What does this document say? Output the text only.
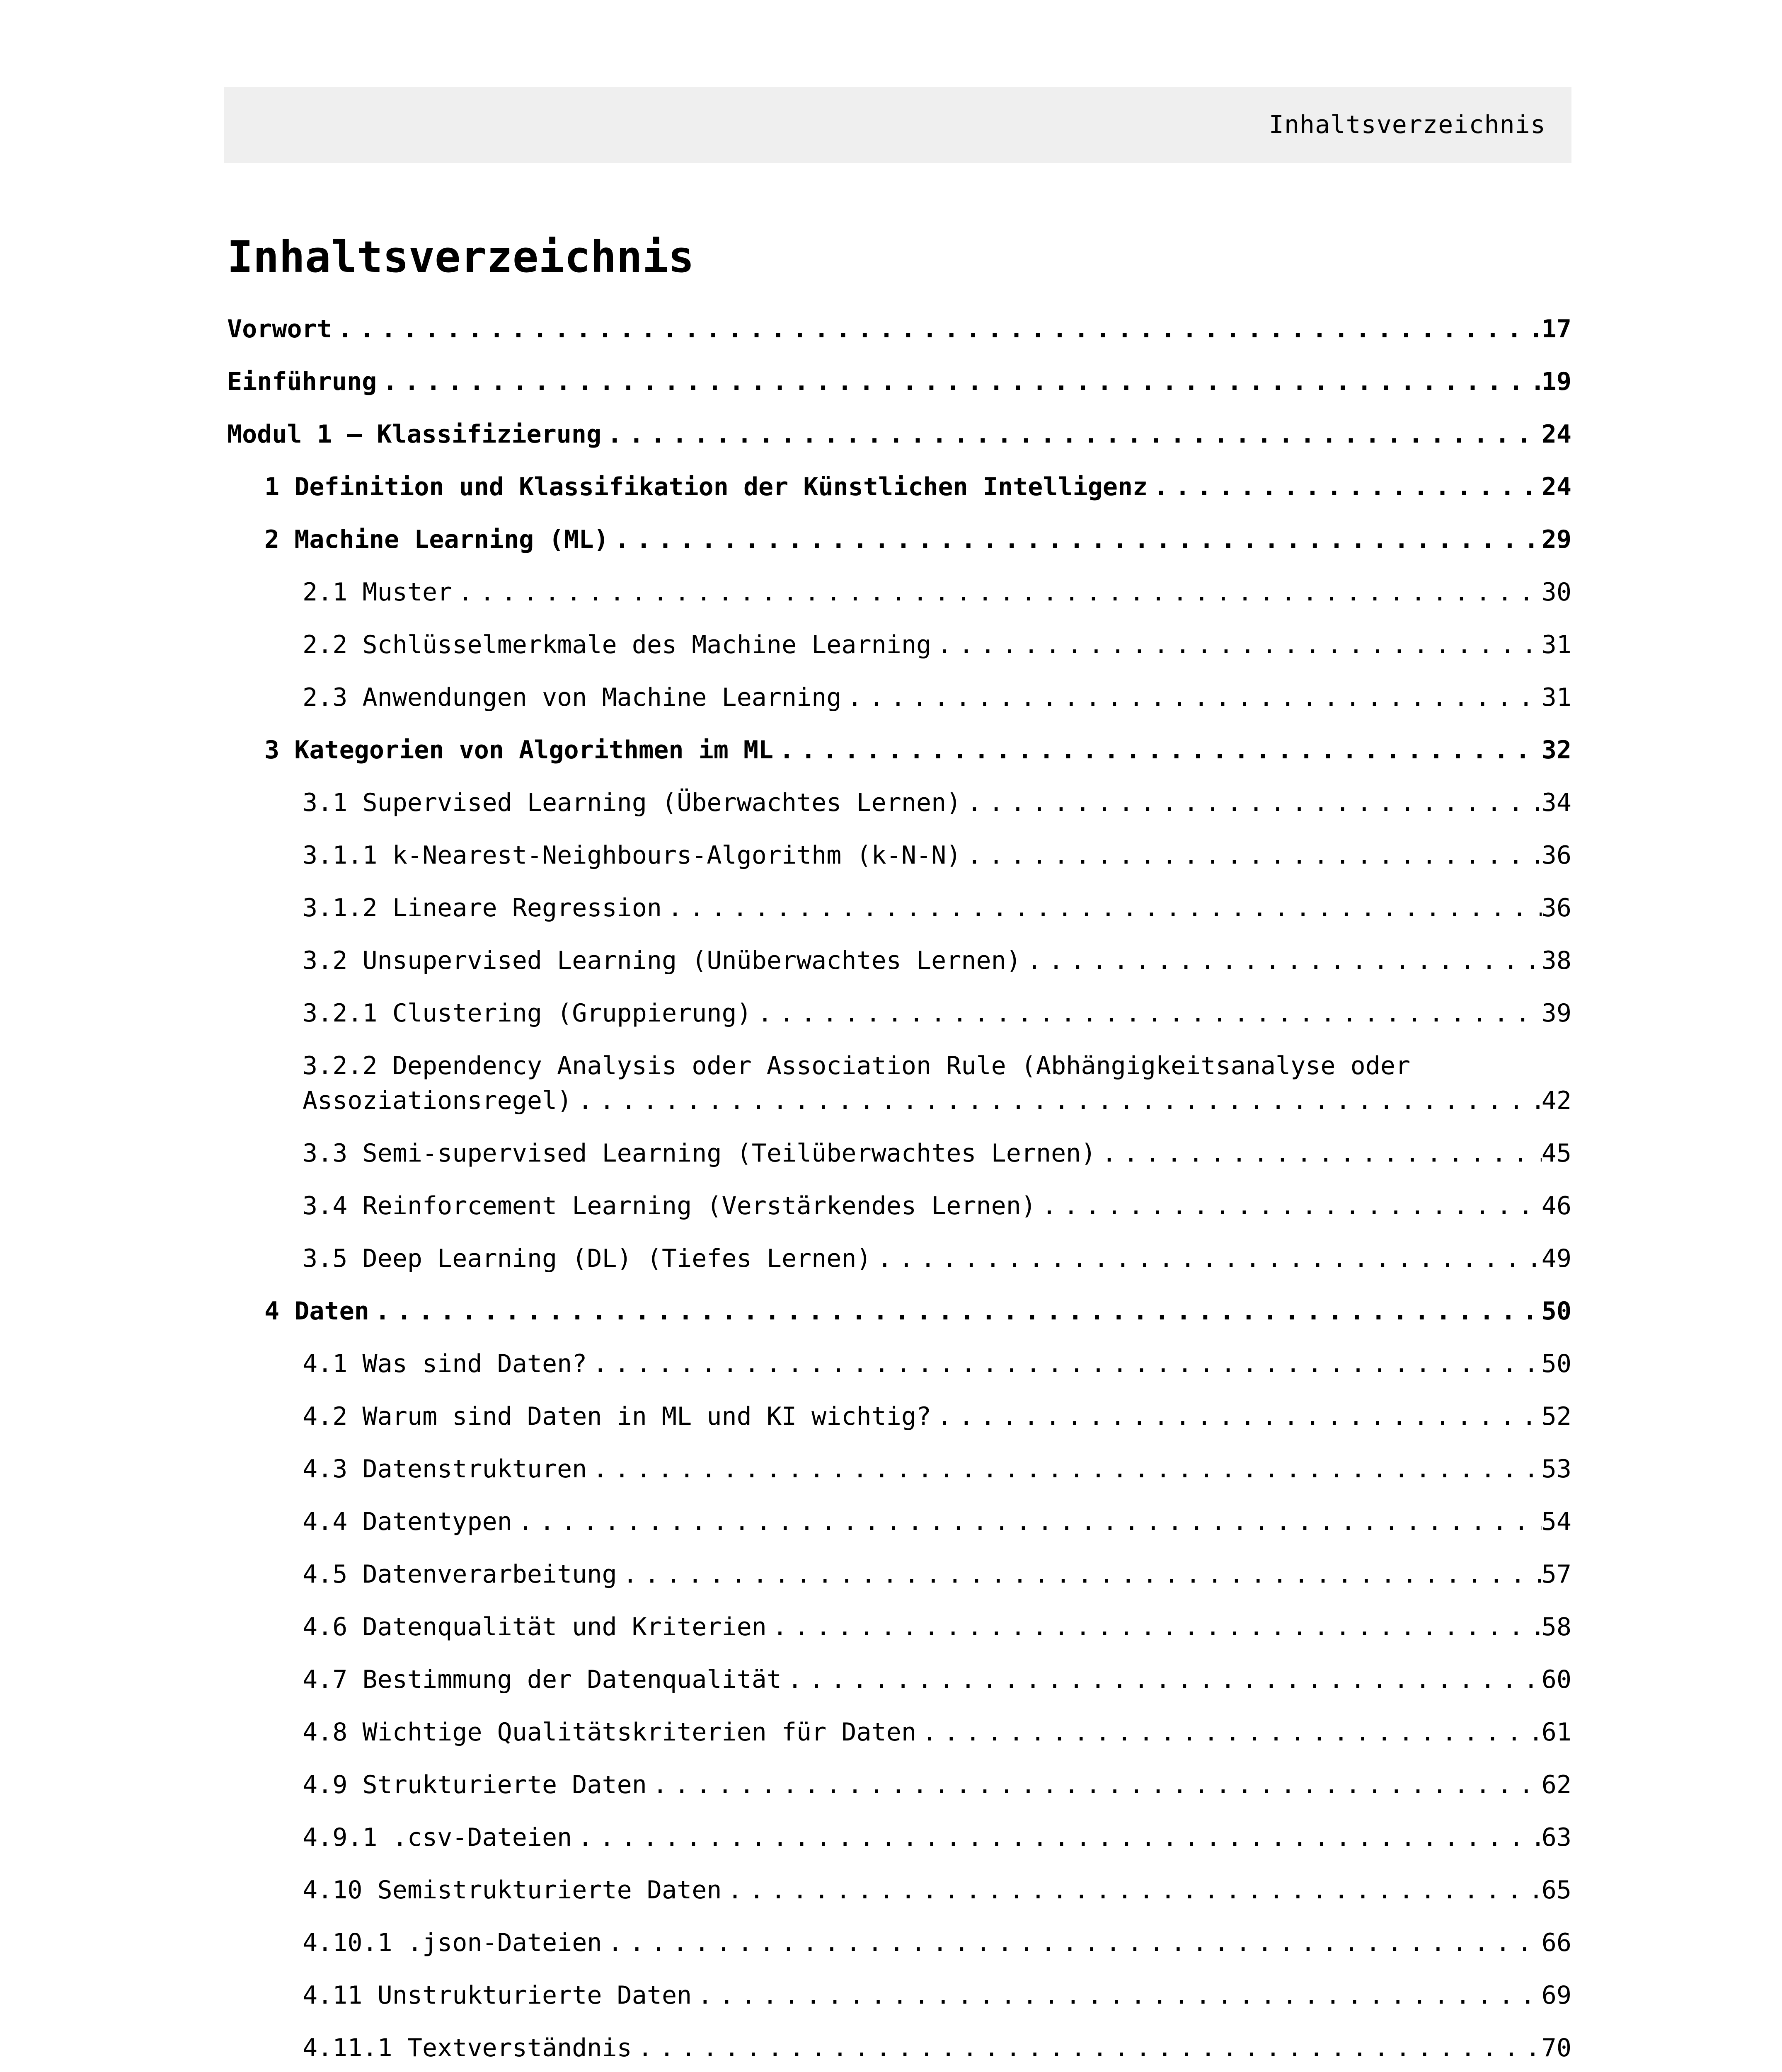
Inhaltsverzeichnis
Inhaltsverzeichnis
Vorwort . . .	17
Einführung . . .	19
Modul 1 – Klassifizierung . . .	24
1 Definition und Klassifikation der Künstlichen Intelligenz . . .	24
2 Machine Learning (ML) . . .	29
2.1 Muster . . .	30
2.2 Schlüsselmerkmale des Machine Learning . . .	31
2.3 Anwendungen von Machine Learning . . .	31
3 Kategorien von Algorithmen im ML . . .	32
3.1 Supervised Learning (Überwachtes Lernen) . . .	34
3.1.1 k-Nearest-Neighbours-Algorithm (k-N-N) . . .	36
3.1.2 Lineare Regression . . .	36
3.2 Unsupervised Learning (Unüberwachtes Lernen) . . .	38
3.2.1 Clustering (Gruppierung) . . .	39
3.2.2 Dependency Analysis oder Association Rule (Abhängigkeitsanalyse oder
Assoziationsregel) . . .	42
3.3 Semi-supervised Learning (Teilüberwachtes Lernen) . . .	45
3.4 Reinforcement Learning (Verstärkendes Lernen) . . .	46
3.5 Deep Learning (DL) (Tiefes Lernen) . . .	49
4 Daten . . .	50
4.1 Was sind Daten? . . .	50
4.2 Warum sind Daten in ML und KI wichtig? . . .	52
4.3 Datenstrukturen . . .	53
4.4 Datentypen . . .	54
4.5 Datenverarbeitung . . .	57
4.6 Datenqualität und Kriterien . . .	58
4.7 Bestimmung der Datenqualität . . .	60
4.8 Wichtige Qualitätskriterien für Daten . . .	61
4.9 Strukturierte Daten . . .	62
4.9.1 .csv-Dateien . . .	63
4.10 Semistrukturierte Daten . . .	65
4.10.1 .json-Dateien . . .	66
4.11 Unstrukturierte Daten . . .	69
4.11.1 Textverständnis . . .	70
